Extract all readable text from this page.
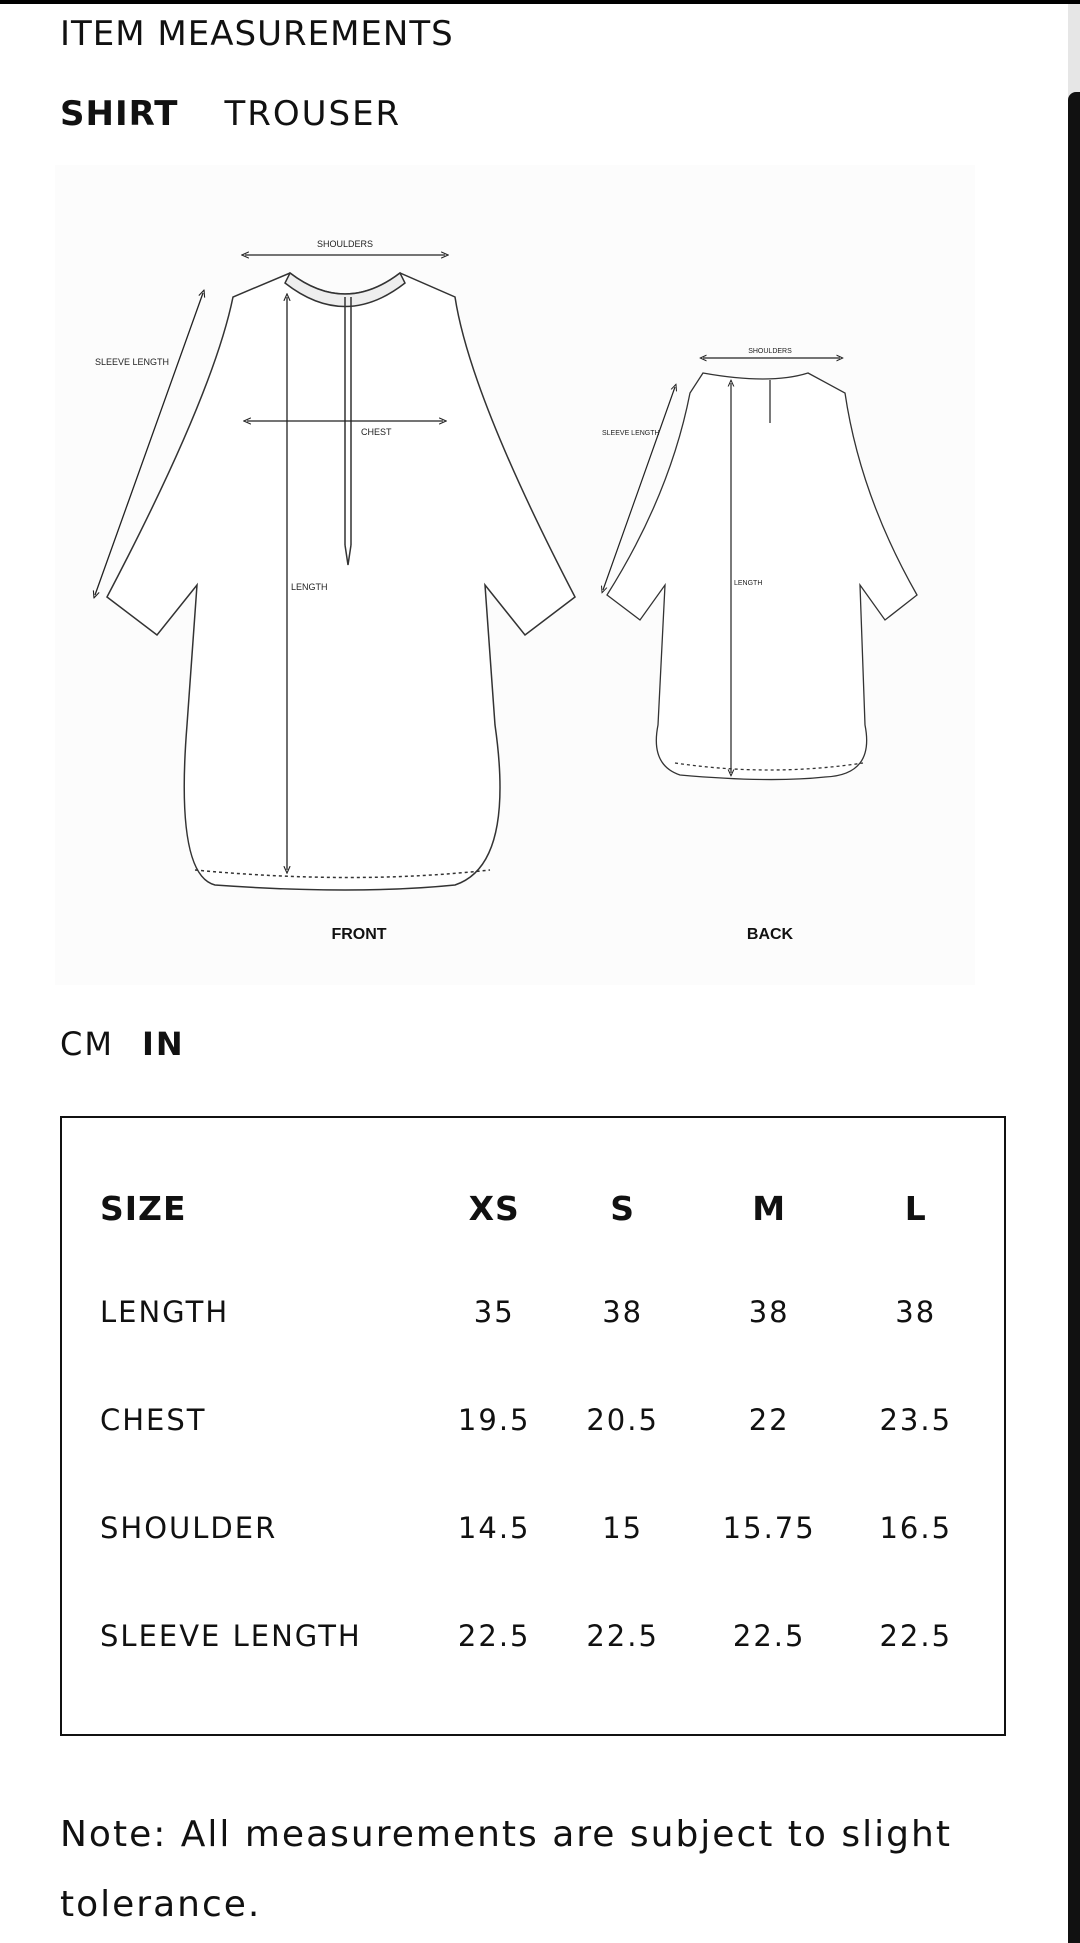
ITEM MEASUREMENTS
SHIRT TROUSER
SHOULDERS
SLEEVE LENGTH
CHEST
LENGTH
FRONT
SHOULDERS
SLEEVE LENGTH
LENGTH
BACK
CM IN
SIZE	XS	S	M	L
LENGTH	35	38	38	38
CHEST	19.5	20.5	22	23.5
SHOULDER	14.5	15	15.75	16.5
SLEEVE LENGTH	22.5	22.5	22.5	22.5
Note: All measurements are subject to slight tolerance.
